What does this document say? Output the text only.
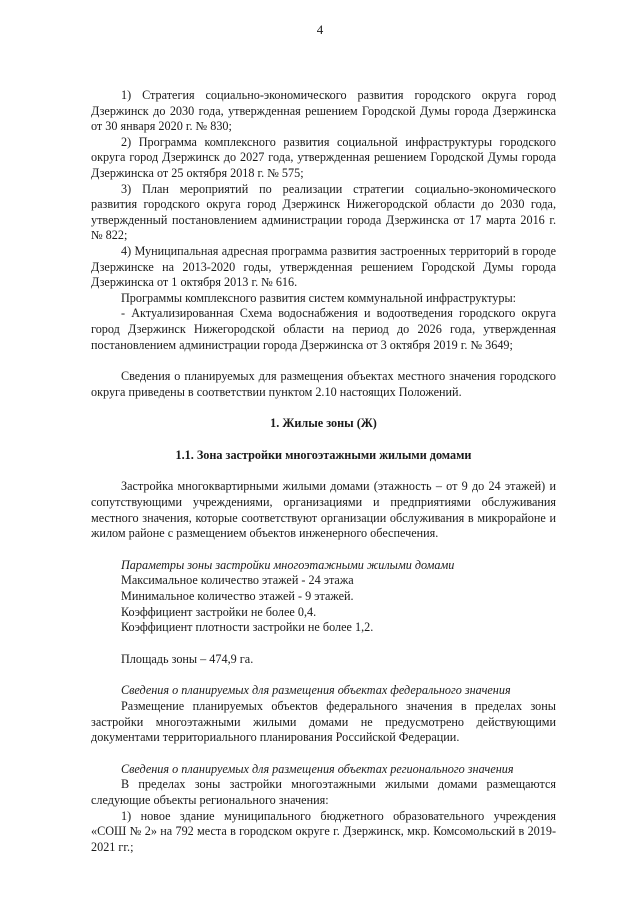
4

1) Стратегия социально-экономического развития городского округа город Дзержинск до 2030 года, утвержденная решением Городской Думы города Дзержинска от 30 января 2020 г. № 830;

2) Программа комплексного развития социальной инфраструктуры городского округа город Дзержинск до 2027 года, утвержденная решением Городской Думы города Дзержинска от 25 октября 2018 г. № 575;

3) План мероприятий по реализации стратегии социально-экономического развития городского округа город Дзержинск Нижегородской области до 2030 года, утвержденный постановлением администрации города Дзержинска от 17 марта 2016 г. № 822;

4) Муниципальная адресная программа развития застроенных территорий в городе Дзержинске на 2013-2020 годы, утвержденная решением Городской Думы города Дзержинска от 1 октября 2013 г. № 616.

Программы комплексного развития систем коммунальной инфраструктуры:

- Актуализированная Схема водоснабжения и водоотведения городского округа город Дзержинск Нижегородской области на период до 2026 года, утвержденная постановлением администрации города Дзержинска от 3 октября 2019 г. № 3649;

Сведения о планируемых для размещения объектах местного значения городского округа приведены в соответствии пунктом 2.10 настоящих Положений.

1. Жилые зоны (Ж)

1.1. Зона застройки многоэтажными жилыми домами

Застройка многоквартирными жилыми домами (этажность – от 9 до 24 этажей) и сопутствующими учреждениями, организациями и предприятиями обслуживания местного значения, которые соответствуют организации обслуживания в микрорайоне и жилом районе с размещением объектов инженерного обеспечения.

Параметры зоны застройки многоэтажными жилыми домами

Максимальное количество этажей - 24 этажа

Минимальное количество этажей - 9 этажей.

Коэффициент застройки не более 0,4.

Коэффициент плотности застройки не более 1,2.

Площадь зоны – 474,9 га.

Сведения о планируемых для размещения объектах федерального значения

Размещение планируемых объектов федерального значения в пределах зоны застройки многоэтажными жилыми домами не предусмотрено действующими документами территориального планирования Российской Федерации.

Сведения о планируемых для размещения объектах регионального значения

В пределах зоны застройки многоэтажными жилыми домами размещаются следующие объекты регионального значения:

1) новое здание муниципального бюджетного образовательного учреждения «СОШ № 2» на 792 места в городском округе г. Дзержинск, мкр. Комсомольский в 2019-2021 гг.;
